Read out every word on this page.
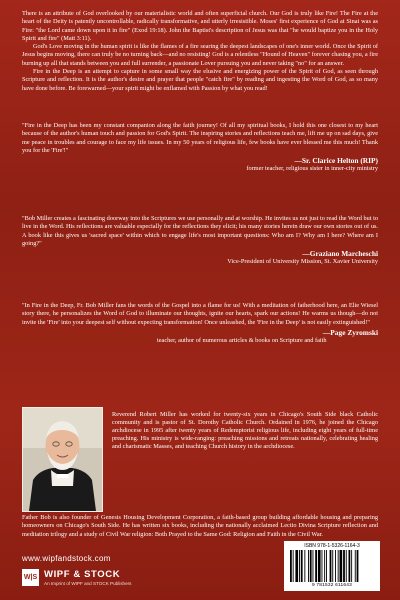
There is an attribute of God overlooked by our materialistic world and often superficial church. Our God is truly like Fire! The Fire at the heart of the Deity is patently uncontrollable, radically transformative, and utterly irresistible. Moses' first experience of God at Sinai was as Fire: "the Lord came down upon it in fire" (Exod 19:18). John the Baptist's description of Jesus was that "he would baptize you in the Holy Spirit and fire" (Matt 3:11).

God's Love moving in the human spirit is like the flames of a fire searing the deepest landscapes of one's inner world. Once the Spirit of Jesus begins moving, there can truly be no turning back—and no resisting! God is a relentless "Hound of Heaven" forever chasing you, a fire burning up all that stands between you and full surrender, a passionate Lover pursuing you and never taking "no" for an answer.

Fire in the Deep is an attempt to capture in some small way the elusive and energizing power of the Spirit of God, as seen through Scripture and reflection. It is the author's desire and prayer that people "catch fire" by reading and ingesting the Word of God, as so many have done before. Be forewarned—your spirit might be enflamed with Passion by what you read!

"Fire in the Deep has been my constant companion along the faith journey! Of all my spiritual books, I hold this one closest to my heart because of the author's human touch and passion for God's Spirit. The inspiring stories and reflections teach me, lift me up on sad days, give me peace in troubles and courage to face my life issues. In my 50 years of religious life, few books have ever blessed me this much! Thank you for the 'Fire'!"

—Sr. Clarice Helton (RIP)
former teacher, religious sister in inner-city ministry

"Bob Miller creates a fascinating doorway into the Scriptures we use personally and at worship. He invites us not just to read the Word but to live in the Word. His reflections are valuable especially for the reflections they elicit; his many stories herein draw our own stories out of us. A book like this gives us 'sacred space' within which to engage life's most important questions: Who am I? Why am I here? Where am I going?"

—Graziano Marcheschi
Vice-President of University Mission, St. Xavier University

"In Fire in the Deep, Fr. Bob Miller fans the words of the Gospel into a flame for us! With a meditation of fatherhood here, an Elie Wiesel story there, he personalizes the Word of God to illuminate our thoughts, ignite our hearts, spark our actions! He warms us though—do not invite the 'Fire' into your deepest self without expecting transformation! Once unleashed, the 'Fire in the Deep' is not easily extinguished!"

—Page Zyromski
teacher, author of numerous articles & books on Scripture and faith

Reverend Robert Miller has worked for twenty-six years in Chicago's South Side black Catholic community and is pastor of St. Dorothy Catholic Church. Ordained in 1976, he joined the Chicago archdiocese in 1995 after twenty years of Redemptorist religious life, including eight years of full-time preaching. His ministry is wide-ranging: preaching missions and retreats nationally, celebrating healing and charismatic Masses, and teaching Church history in the archdiocese.

Father Bob is also founder of Genesis Housing Development Corporation, a faith-based group building affordable housing and preparing homeowners on Chicago's South Side. He has written six books, including the nationally acclaimed Lectio Divina Scripture reflection and meditation trilogy and a study of Civil War religion: Both Prayed to the Same God: Religion and Faith in the Civil War.

www.wipfandstock.com
W|S WIPF & STOCK
An Imprint of WIPF and STOCK Publishers
ISBN 978-1-5326-1164-3
9 781532 611643
